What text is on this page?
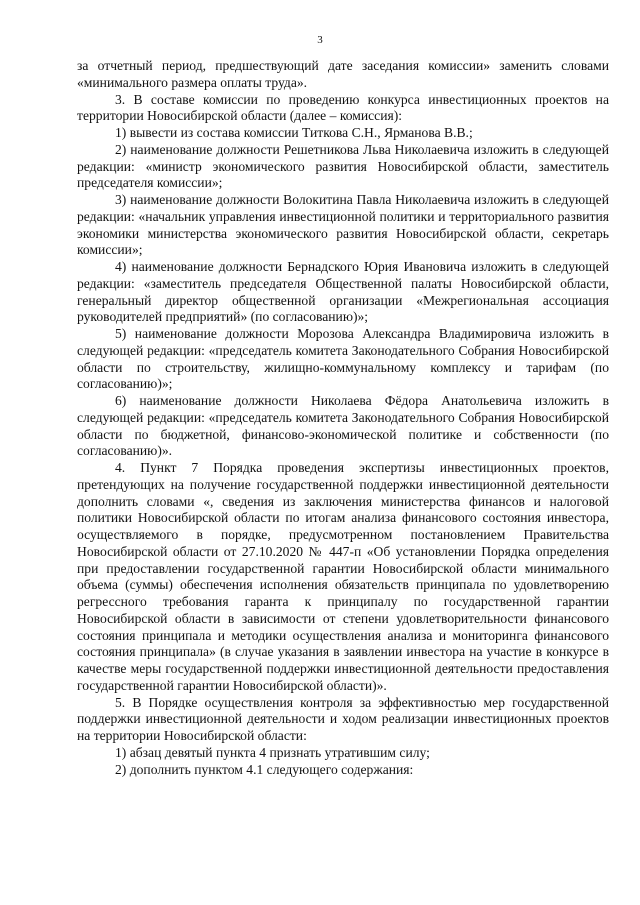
3

за отчетный период, предшествующий дате заседания комиссии» заменить словами «минимального размера оплаты труда».

3. В составе комиссии по проведению конкурса инвестиционных проектов на территории Новосибирской области (далее – комиссия):

1) вывести из состава комиссии Титкова С.Н., Ярманова В.В.;

2) наименование должности Решетникова Льва Николаевича изложить в следующей редакции: «министр экономического развития Новосибирской области, заместитель председателя комиссии»;

3) наименование должности Волокитина Павла Николаевича изложить в следующей редакции: «начальник управления инвестиционной политики и территориального развития экономики министерства экономического развития Новосибирской области, секретарь комиссии»;

4) наименование должности Бернадского Юрия Ивановича изложить в следующей редакции: «заместитель председателя Общественной палаты Новосибирской области, генеральный директор общественной организации «Межрегиональная ассоциация руководителей предприятий» (по согласованию)»;

5) наименование должности Морозова Александра Владимировича изложить в следующей редакции: «председатель комитета Законодательного Собрания Новосибирской области по строительству, жилищно-коммунальному комплексу и тарифам (по согласованию)»;

6) наименование должности Николаева Фёдора Анатольевича изложить в следующей редакции: «председатель комитета Законодательного Собрания Новосибирской области по бюджетной, финансово-экономической политике и собственности (по согласованию)».

4. Пункт 7 Порядка проведения экспертизы инвестиционных проектов, претендующих на получение государственной поддержки инвестиционной деятельности дополнить словами «, сведения из заключения министерства финансов и налоговой политики Новосибирской области по итогам анализа финансового состояния инвестора, осуществляемого в порядке, предусмотренном постановлением Правительства Новосибирской области от 27.10.2020 № 447-п «Об установлении Порядка определения при предоставлении государственной гарантии Новосибирской области минимального объема (суммы) обеспечения исполнения обязательств принципала по удовлетворению регрессного требования гаранта к принципалу по государственной гарантии Новосибирской области в зависимости от степени удовлетворительности финансового состояния принципала и методики осуществления анализа и мониторинга финансового состояния принципала» (в случае указания в заявлении инвестора на участие в конкурсе в качестве меры государственной поддержки инвестиционной деятельности предоставления государственной гарантии Новосибирской области)».

5. В Порядке осуществления контроля за эффективностью мер государственной поддержки инвестиционной деятельности и ходом реализации инвестиционных проектов на территории Новосибирской области:

1) абзац девятый пункта 4 признать утратившим силу;

2) дополнить пунктом 4.1 следующего содержания:
